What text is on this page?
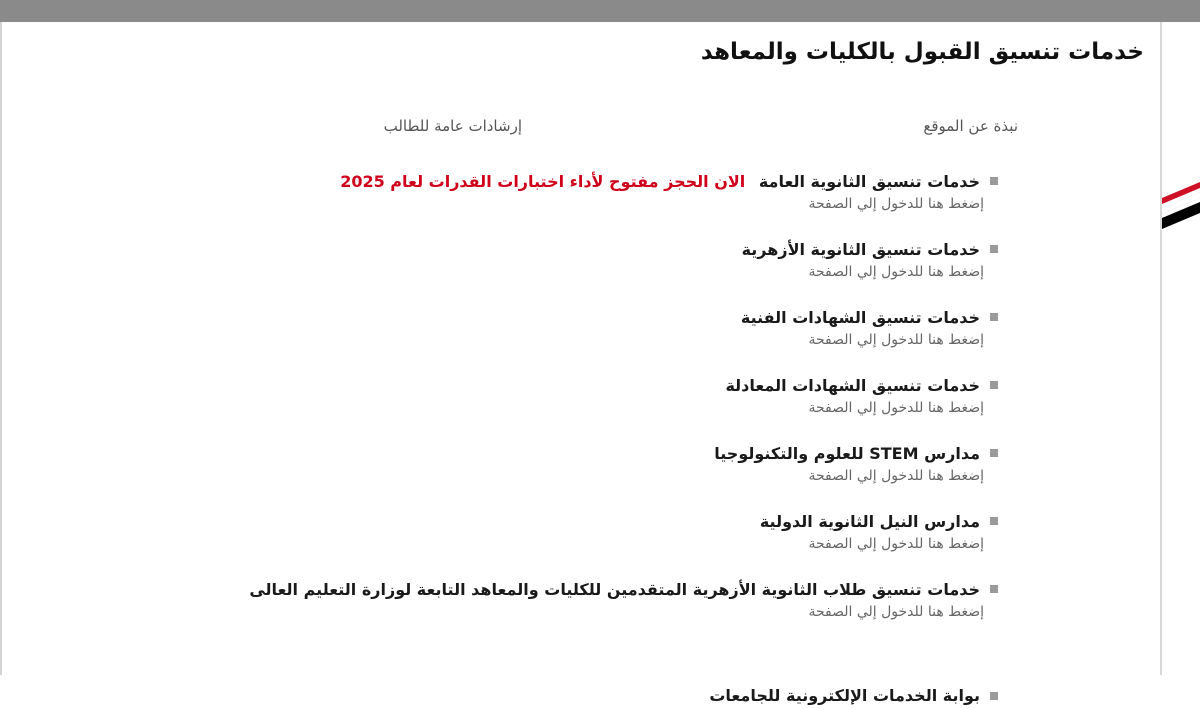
خدمات تنسيق القبول بالكليات والمعاهد
نبذة عن الموقع
إرشادات عامة للطالب
خدمات تنسيق الثانوية العامة الان الحجز مفتوح لأداء اختبارات القدرات لعام 2025
إضغط هنا للدخول إلي الصفحة
خدمات تنسيق الثانوية الأزهرية
إضغط هنا للدخول إلي الصفحة
خدمات تنسيق الشهادات الفنية
إضغط هنا للدخول إلي الصفحة
خدمات تنسيق الشهادات المعادلة
إضغط هنا للدخول إلي الصفحة
مدارس STEM للعلوم والتكنولوجيا
إضغط هنا للدخول إلي الصفحة
مدارس النيل الثانوية الدولية
إضغط هنا للدخول إلي الصفحة
خدمات تنسيق طلاب الثانوية الأزهرية المتقدمين للكليات والمعاهد التابعة لوزارة التعليم العالى
إضغط هنا للدخول إلي الصفحة
بوابة الخدمات الإلكترونية للجامعات
